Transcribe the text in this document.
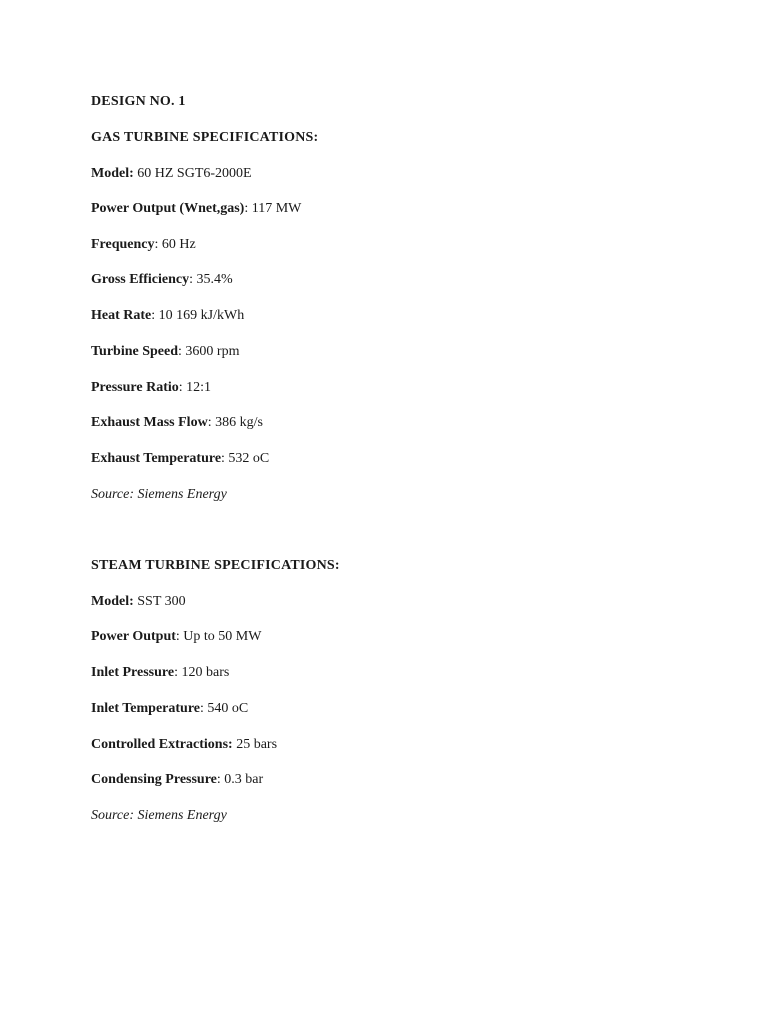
DESIGN NO. 1
GAS TURBINE SPECIFICATIONS:
Model: 60 HZ SGT6-2000E
Power Output (Wnet,gas): 117 MW
Frequency: 60 Hz
Gross Efficiency: 35.4%
Heat Rate: 10 169 kJ/kWh
Turbine Speed: 3600 rpm
Pressure Ratio: 12:1
Exhaust Mass Flow: 386 kg/s
Exhaust Temperature: 532 oC
Source: Siemens Energy
STEAM TURBINE SPECIFICATIONS:
Model: SST 300
Power Output: Up to 50 MW
Inlet Pressure: 120 bars
Inlet Temperature: 540 oC
Controlled Extractions: 25 bars
Condensing Pressure: 0.3 bar
Source: Siemens Energy
